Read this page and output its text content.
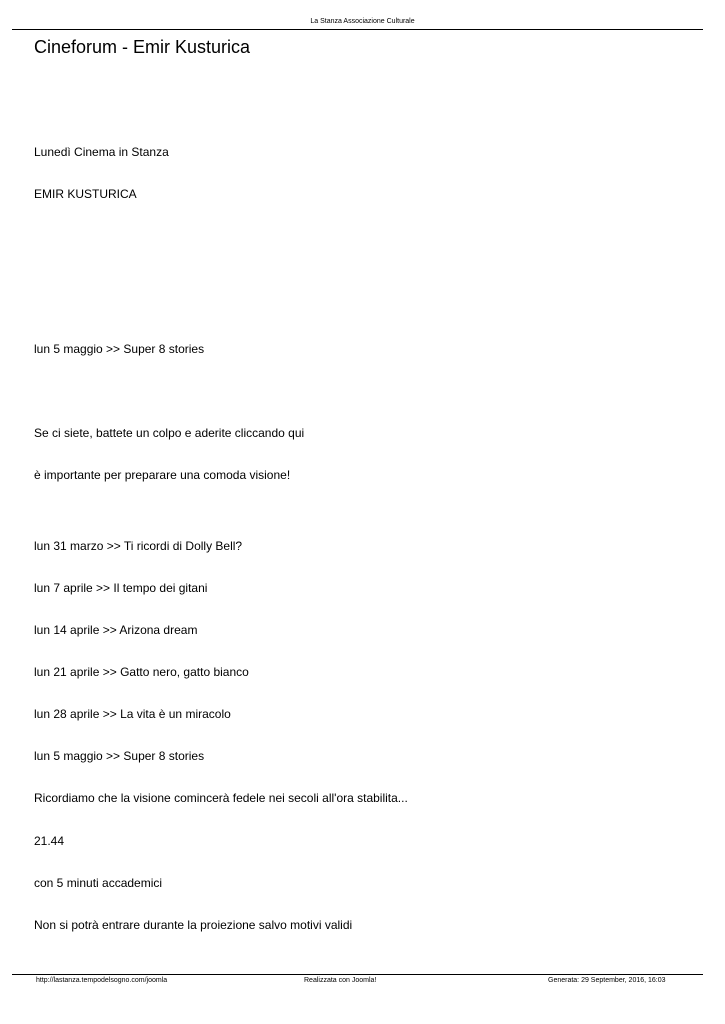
La Stanza Associazione Culturale
Cineforum - Emir Kusturica
Lunedì Cinema in Stanza
EMIR KUSTURICA
lun 5 maggio >> Super 8 stories
Se ci siete, battete un colpo e aderite cliccando qui
è importante per preparare una comoda visione!
lun 31 marzo >> Ti ricordi di Dolly Bell?
lun 7 aprile >> Il tempo dei gitani
lun 14 aprile >> Arizona dream
lun 21 aprile >> Gatto nero, gatto bianco
lun 28 aprile >> La vita è un miracolo
lun 5 maggio >> Super 8 stories
Ricordiamo che la visione comincerà fedele nei secoli all'ora stabilita...
21.44
con 5 minuti accademici
Non si potrà entrare durante la proiezione salvo motivi validi
http://lastanza.tempodelsogno.com/joomla	Realizzata con Joomla!	Generata: 29 September, 2016, 16:03
